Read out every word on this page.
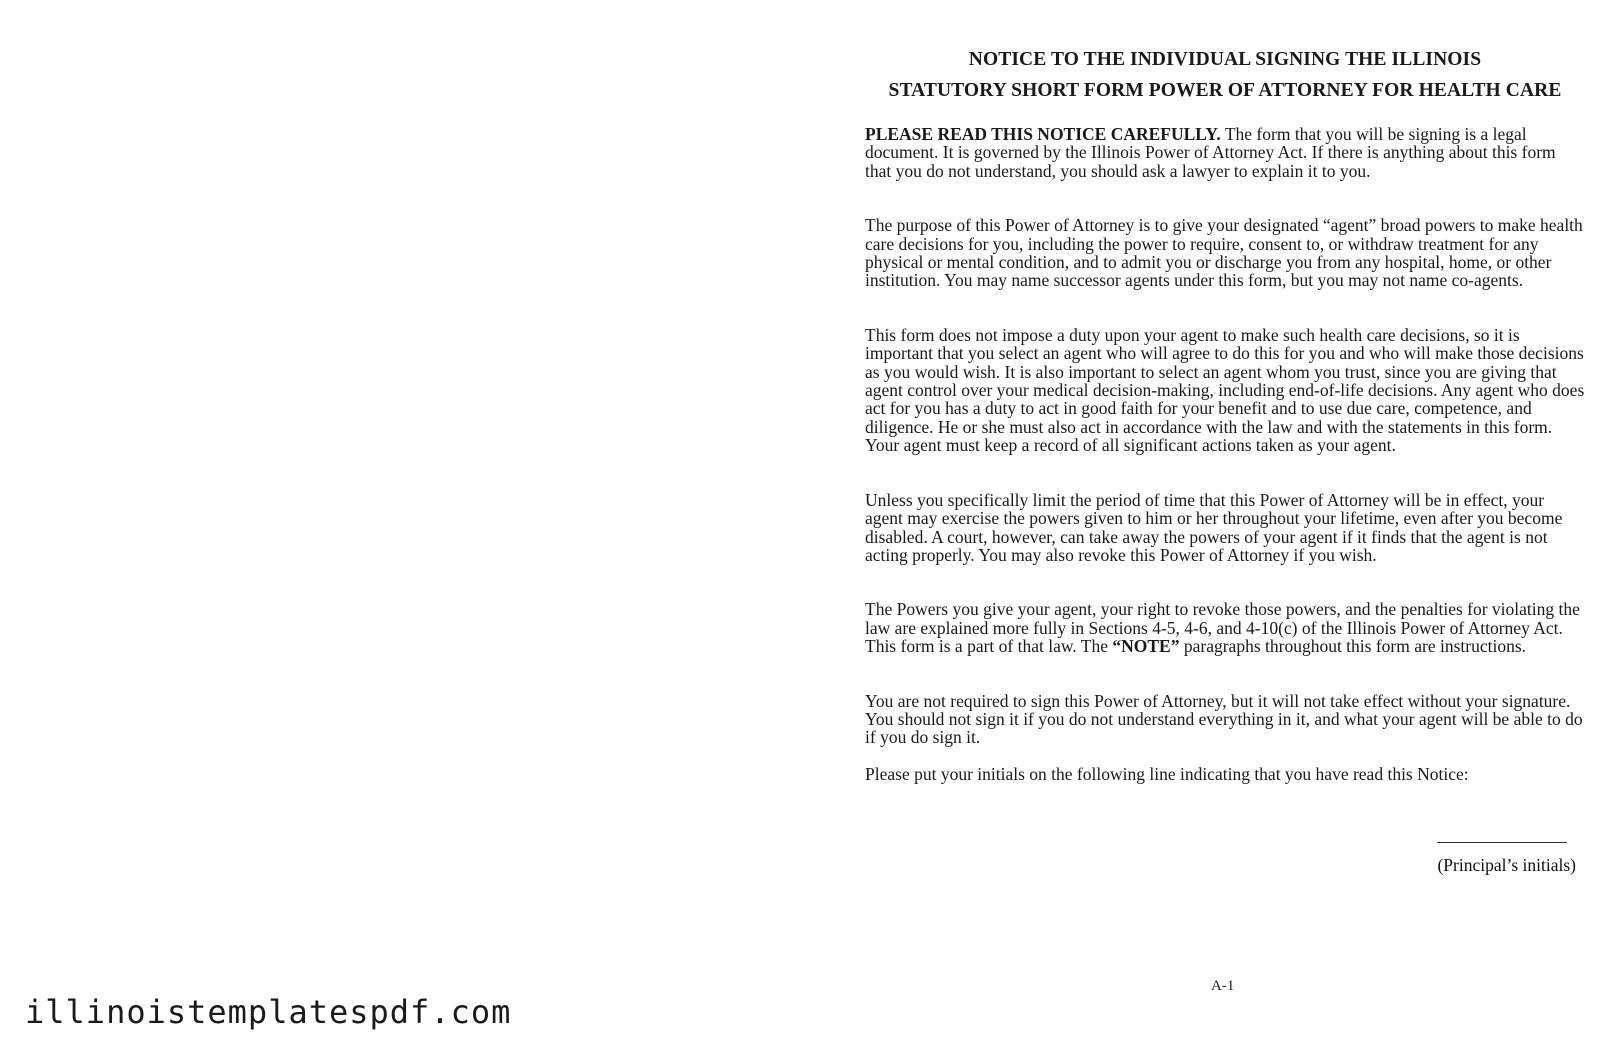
NOTICE TO THE INDIVIDUAL SIGNING THE ILLINOIS
STATUTORY SHORT FORM POWER OF ATTORNEY FOR HEALTH CARE

PLEASE READ THIS NOTICE CAREFULLY. The form that you will be signing is a legal document. It is governed by the Illinois Power of Attorney Act. If there is anything about this form that you do not understand, you should ask a lawyer to explain it to you.

The purpose of this Power of Attorney is to give your designated “agent” broad powers to make health care decisions for you, including the power to require, consent to, or withdraw treatment for any physical or mental condition, and to admit you or discharge you from any hospital, home, or other institution. You may name successor agents under this form, but you may not name co-agents.

This form does not impose a duty upon your agent to make such health care decisions, so it is important that you select an agent who will agree to do this for you and who will make those decisions as you would wish. It is also important to select an agent whom you trust, since you are giving that agent control over your medical decision-making, including end-of-life decisions. Any agent who does act for you has a duty to act in good faith for your benefit and to use due care, competence, and diligence. He or she must also act in accordance with the law and with the statements in this form. Your agent must keep a record of all significant actions taken as your agent.

Unless you specifically limit the period of time that this Power of Attorney will be in effect, your agent may exercise the powers given to him or her throughout your lifetime, even after you become disabled. A court, however, can take away the powers of your agent if it finds that the agent is not acting properly. You may also revoke this Power of Attorney if you wish.

The Powers you give your agent, your right to revoke those powers, and the penalties for violating the law are explained more fully in Sections 4-5, 4-6, and 4-10(c) of the Illinois Power of Attorney Act. This form is a part of that law. The “NOTE” paragraphs throughout this form are instructions.

You are not required to sign this Power of Attorney, but it will not take effect without your signature. You should not sign it if you do not understand everything in it, and what your agent will be able to do if you do sign it.

Please put your initials on the following line indicating that you have read this Notice:

(Principal’s initials)
A-1
illinoistemplatespdf.com
